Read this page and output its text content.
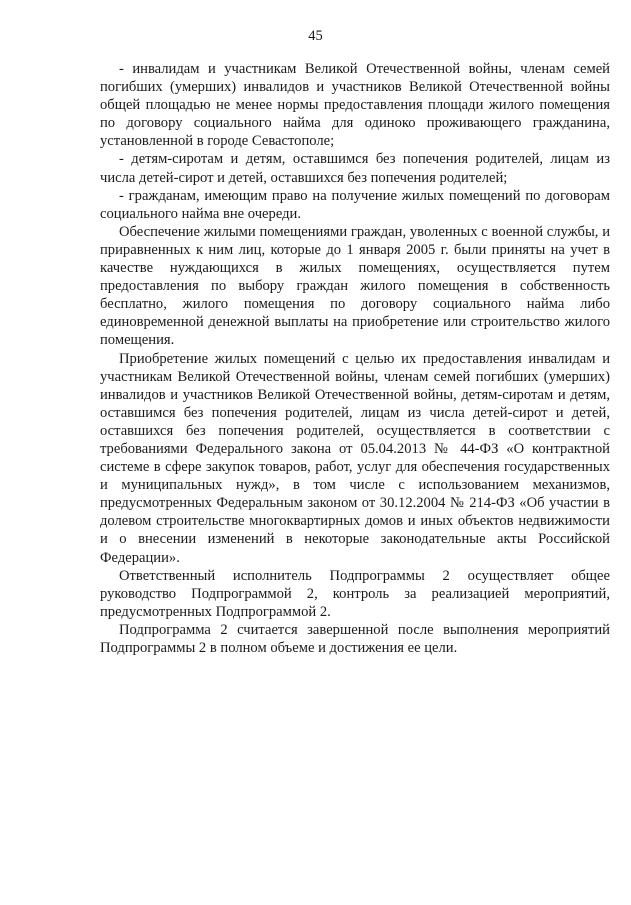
45

- инвалидам и участникам Великой Отечественной войны, членам семей погибших (умерших) инвалидов и участников Великой Отечественной войны общей площадью не менее нормы предоставления площади жилого помещения по договору социального найма для одиноко проживающего гражданина, установленной в городе Севастополе;

- детям-сиротам и детям, оставшимся без попечения родителей, лицам из числа детей-сирот и детей, оставшихся без попечения родителей;

- гражданам, имеющим право на получение жилых помещений по договорам социального найма вне очереди.

Обеспечение жилыми помещениями граждан, уволенных с военной службы, и приравненных к ним лиц, которые до 1 января 2005 г. были приняты на учет в качестве нуждающихся в жилых помещениях, осуществляется путем предоставления по выбору граждан жилого помещения в собственность бесплатно, жилого помещения по договору социального найма либо единовременной денежной выплаты на приобретение или строительство жилого помещения.

Приобретение жилых помещений с целью их предоставления инвалидам и участникам Великой Отечественной войны, членам семей погибших (умерших) инвалидов и участников Великой Отечественной войны, детям-сиротам и детям, оставшимся без попечения родителей, лицам из числа детей-сирот и детей, оставшихся без попечения родителей, осуществляется в соответствии с требованиями Федерального закона от 05.04.2013 № 44-ФЗ «О контрактной системе в сфере закупок товаров, работ, услуг для обеспечения государственных и муниципальных нужд», в том числе с использованием механизмов, предусмотренных Федеральным законом от 30.12.2004 № 214-ФЗ «Об участии в долевом строительстве многоквартирных домов и иных объектов недвижимости и о внесении изменений в некоторые законодательные акты Российской Федерации».

Ответственный исполнитель Подпрограммы 2 осуществляет общее руководство Подпрограммой 2, контроль за реализацией мероприятий, предусмотренных Подпрограммой 2.

Подпрограмма 2 считается завершенной после выполнения мероприятий Подпрограммы 2 в полном объеме и достижения ее цели.
